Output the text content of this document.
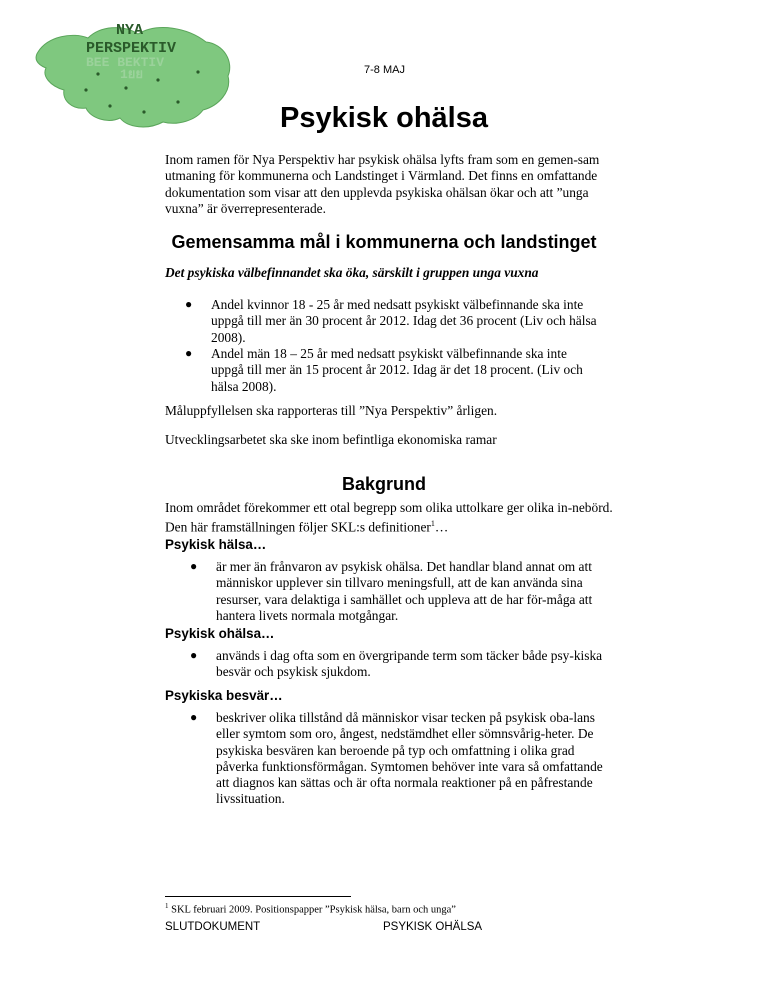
NYA
PERSPEKTIV
BEE BEKTIV
1ยย	7-8 MAJ
Psykisk ohälsa

Inom ramen för Nya Perspektiv har psykisk ohälsa lyfts fram som en gemen-sam utmaning för kommunerna och Landstinget i Värmland. Det finns en omfattande dokumentation som visar att den upplevda psykiska ohälsan ökar och att ”unga vuxna” är överrepresenterade.

Gemensamma mål i kommunerna och landstinget
Det psykiska välbefinnandet ska öka, särskilt i gruppen unga vuxna
● Andel kvinnor 18 - 25 år med nedsatt psykiskt välbefinnande ska inte uppgå till mer än 30 procent år 2012. Idag det 36 procent (Liv och hälsa 2008).

● Andel män 18 – 25 år med nedsatt psykiskt välbefinnande ska inte uppgå till mer än 15 procent år 2012. Idag är det 18 procent. (Liv och hälsa 2008).

Måluppfyllelsen ska rapporteras till ”Nya Perspektiv” årligen.

Utvecklingsarbetet ska ske inom befintliga ekonomiska ramar

Bakgrund

Inom området förekommer ett otal begrepp som olika uttolkare ger olika in-nebörd. Den här framställningen följer SKL:s definitioner$^1$…

Psykisk hälsa…
● är mer än frånvaron av psykisk ohälsa. Det handlar bland annat om att människor upplever sin tillvaro meningsfull, att de kan använda sina resurser, vara delaktiga i samhället och uppleva att de har för-måga att hantera livets normala motgångar.

Psykisk ohälsa…
● används i dag ofta som en övergripande term som täcker både psy-kiska besvär och psykisk sjukdom.

Psykiska besvär…
● beskriver olika tillstånd då människor visar tecken på psykisk oba-lans eller symtom som oro, ångest, nedstämdhet eller sömnsvårig-heter. De psykiska besvären kan beroende på typ och omfattning i olika grad påverka funktionsförmågan. Symtomen behöver inte vara så omfattande att diagnos kan sättas och är ofta normala reaktioner på en påfrestande livssituation.

$^1$ SKL februari 2009. Positionspapper ”Psykisk hälsa, barn och unga”
SLUTDOKUMENT	PSYKISK OHÄLSA
